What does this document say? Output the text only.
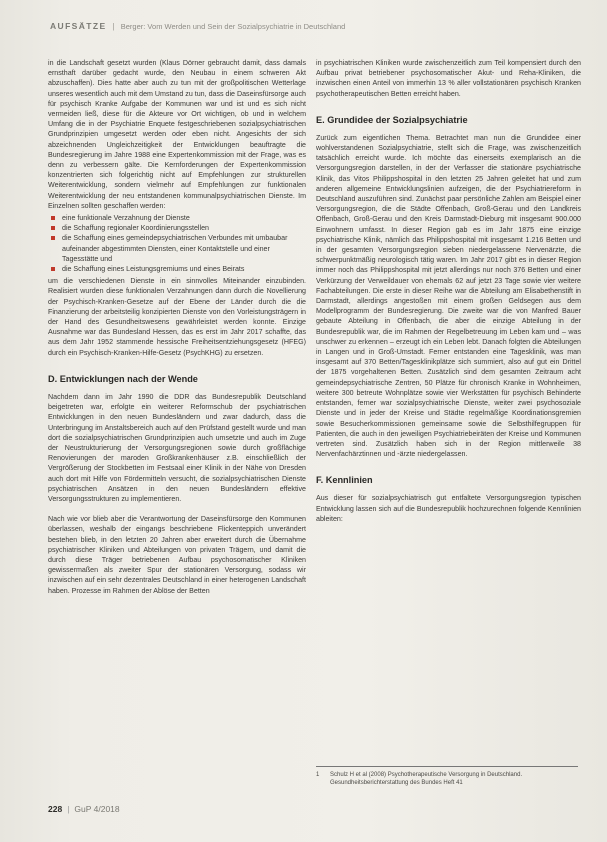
AUFSÄTZE | Berger: Vom Werden und Sein der Sozialpsychiatrie in Deutschland

in die Landschaft gesetzt wurden (Klaus Dörner gebraucht damit, dass damals ernsthaft darüber gedacht wurde, den Neubau in einem schweren Akt abzuschaffen). Dies hatte aber auch zu tun mit der großpolitischen Wetterlage unseres wesentlich auch mit dem Umstand zu tun, dass die Daseinsfürsorge auch für psychisch Kranke Aufgabe der Kommunen war und ist und es sich nicht vermeiden ließ, diese für die Akteure vor Ort wichtigen, ob und in welchem Umfang die in der Psychiatrie Enquete festgeschriebenen sozialpsychiatrischen Grundprinzipien umgesetzt werden oder eben nicht. Angesichts der sich abzeichnenden Ungleichzeitigkeit der Entwicklungen beauftragte die Bundesregierung im Jahre 1988 eine Expertenkommission mit der Frage, was es denn zu verbessern gälte. Die Kernforderungen der Expertenkommission konzentrierten sich folgerichtig nicht auf Empfehlungen zur strukturellen Weiterentwicklung, sondern vielmehr auf Empfehlungen zur funktionalen Weiterentwicklung der neu entstandenen kommunalpsychiatrischen Dienste. Im Einzelnen sollten geschaffen werden:

eine funktionale Verzahnung der Dienste
die Schaffung regionaler Koordinierungsstellen
die Schaffung eines gemeindepsychiatrischen Verbundes mit umbaubar aufeinander abgestimmten Diensten, einer Kontaktstelle und einer Tagesstätte und
die Schaffung eines Leistungsgremiums und eines Beirats

um die verschiedenen Dienste in ein sinnvolles Miteinander einzubinden. Realisiert wurden diese funktionalen Verzahnungen dann durch die Novellierung der Psychisch-Kranken-Gesetze auf der Ebene der Länder durch die die Finanzierung der arbeitsteilig konzipierten Dienste von den Vorleistungsträgern in der Hand des Gesundheitswesens gewährleistet werden konnte. Einzige Ausnahme war das Bundesland Hessen, das es erst im Jahr 2017 schaffte, das aus dem Jahr 1952 stammende hessische Freiheitsentziehungsgesetz (HFEG) durch ein Psychisch-Kranken-Hilfe-Gesetz (PsychKHG) zu ersetzen.

D. Entwicklungen nach der Wende

Nachdem dann im Jahr 1990 die DDR das Bundesrepublik Deutschland beigetreten war, erfolgte ein weiterer Reformschub der psychiatrischen Entwicklungen in den neuen Bundesländern und zwar dadurch, dass die Unterbringung im Anstaltsbereich auch auf den Prüfstand gestellt wurde und man dort die sozialpsychiatrischen Grundprinzipien auch umsetzte und auch im Zuge der Neustrukturierung der Versorgungsregionen sowie durch großflächige Renovierungen der maroden Großkrankenhäuser z.B. einschließlich der Vergrößerung der Stockbetten im Festsaal einer Klinik in der Nähe von Dresden auch dort mit Hilfe von Fördermitteln versucht, die sozialpsychiatrischen Dienste psychiatrischen Ansätzen in den neuen Bundesländern effektive Versorgungsstrukturen zu implementieren.

Nach wie vor blieb aber die Verantwortung der Daseinsfürsorge den Kommunen überlassen, weshalb der eingangs beschriebene Flickenteppich unverändert bestehen blieb, in den letzten 20 Jahren aber erweitert durch die Übernahme psychiatrischer Kliniken und Abteilungen von privaten Trägern, und damit die durch diese Träger betriebenen Aufbau psychosomatischer Kliniken gewissermaßen als zweiter Spur der stationären Versorgung, sodass wir inzwischen auf ein sehr dezentrales Deutschland in einer heterogenen Landschaft haben. Prozesse im Rahmen der Ablöse der Betten

in psychiatrischen Kliniken wurde zwischenzeitlich zum Teil kompensiert durch den Aufbau privat betriebener psychosomatischer Akut- und Reha-Kliniken, die inzwischen einen Anteil von immerhin 13 % aller vollstationären psychisch Kranken psychotherapeutischen Betten erreicht haben.

E. Grundidee der Sozialpsychiatrie

Zurück zum eigentlichen Thema. Betrachtet man nun die Grundidee einer wohlverstandenen Sozialpsychiatrie, stellt sich die Frage, was zwischenzeitlich tatsächlich erreicht wurde. Ich möchte das einerseits exemplarisch an die Versorgungsregion darstellen, in der der Verfasser die stationäre psychiatrische Klinik, das Vitos Philippshospital in den letzten 25 Jahren geleitet hat und zum anderen allgemeine Entwicklungslinien aufzeigen, die der Psychiatriereform in Deutschland auszuführen sind. Zunächst paar persönliche Zahlen am Beispiel einer Versorgungsregion, die die Städte Offenbach, Groß-Gerau und den Landkreis Offenbach, Groß-Gerau und den Kreis Darmstadt-Dieburg mit insgesamt 900.000 Einwohnern umfasst. In dieser Region gab es im Jahr 1875 eine einzige psychiatrische Klinik, nämlich das Philippshospital mit insgesamt 1.216 Betten und in der gesamten Versorgungsregion sieben niedergelassene Nervenärzte, die schwerpunktmäßig neurologisch tätig waren. Im Jahr 2017 gibt es in dieser Region immer noch das Philippshospital mit jetzt allerdings nur noch 376 Betten und einer Verkürzung der Verweildauer von ehemals 62 auf jetzt 23 Tage sowie vier weitere Fachabteilungen. Die erste in dieser Reihe war die Abteilung am Elisabethenstift in Darmstadt, allerdings angestoßen mit einem großen Geldsegen aus dem Modellprogramm der Bundesregierung. Die zweite war die von Manfred Bauer gebaute Abteilung in Offenbach, die aber die einzige Abteilung in der Bundesrepublik war, die im Rahmen der Regelbetreuung im Leben kam und – was unschwer zu erkennen – erzeugt ich ein Leben lebt. Danach folgten die Abteilungen in Langen und in Groß-Umstadt. Ferner entstanden eine Tagesklinik, was man insgesamt auf 370 Betten/Tagesklinikplätze sich summiert, also auf gut ein Drittel der 1875 vorgehaltenen Betten. Zusätzlich sind dem gesamten Zeitraum acht gemeindepsychiatrische Zentren, 50 Plätze für chronisch Kranke in Wohnheimen, weitere 300 betreute Wohnplätze sowie vier Werkstätten für psychisch Behinderte entstanden, ferner war sozialpsychiatrische Dienste, weiter zwei psychosoziale Dienste und in jeder der Kreise und Städte regelmäßige Koordinationsgremien sowie Besucherkommissionen gemeinsame sowie die Selbsthilfegruppen für Patienten, die auch in den jeweiligen Psychiatriebeiräten der Kreise und Kommunen vertreten sind. Zusätzlich haben sich in der Region mittlerweile 38 Nervenfachärztinnen und -ärzte niedergelassen.

F. Kennlinien

Aus dieser für sozialpsychiatrisch gut entfaltete Versorgungsregion typischen Entwicklung lassen sich auf die Bundesrepublik hochzurechnen folgende Kennlinien ableiten:

1	Schulz H et al (2008) Psychotherapeutische Versorgung in Deutschland. Gesundheitsberichterstattung des Bundes Heft 41
228 | GuP 4/2018
